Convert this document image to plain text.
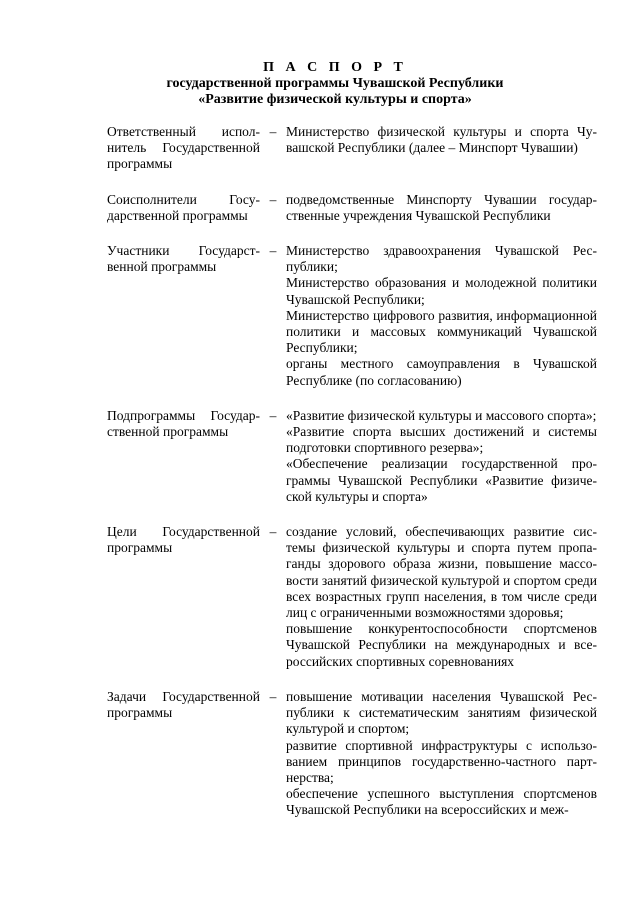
П А С П О Р Т
государственной программы Чувашской Республики
«Развитие физической культуры и спорта»
Ответственный исполнитель Государственной программы
– Министерство физической культуры и спорта Чувашской Республики (далее – Минспорт Чувашии)
Соисполнители Государственной программы
– подведомственные Минспорту Чувашии государственные учреждения Чувашской Республики
Участники Государственной программы
– Министерство здравоохранения Чувашской Республики;
Министерство образования и молодежной политики Чувашской Республики;
Министерство цифрового развития, информационной политики и массовых коммуникаций Чувашской Республики;
органы местного самоуправления в Чувашской Республике (по согласованию)
Подпрограммы Государственной программы
– «Развитие физической культуры и массового спорта»;
«Развитие спорта высших достижений и системы подготовки спортивного резерва»;
«Обеспечение реализации государственной программы Чувашской Республики «Развитие физической культуры и спорта»
Цели Государственной программы
– создание условий, обеспечивающих развитие системы физической культуры и спорта путем пропаганды здорового образа жизни, повышение массовости занятий физической культурой и спортом среди всех возрастных групп населения, в том числе среди лиц с ограниченными возможностями здоровья;
повышение конкурентоспособности спортсменов Чувашской Республики на международных и всероссийских спортивных соревнованиях
Задачи Государственной программы
– повышение мотивации населения Чувашской Республики к систематическим занятиям физической культурой и спортом;
развитие спортивной инфраструктуры с использованием принципов государственно-частного партнерства;
обеспечение успешного выступления спортсменов Чувашской Республики на всероссийских и меж-
